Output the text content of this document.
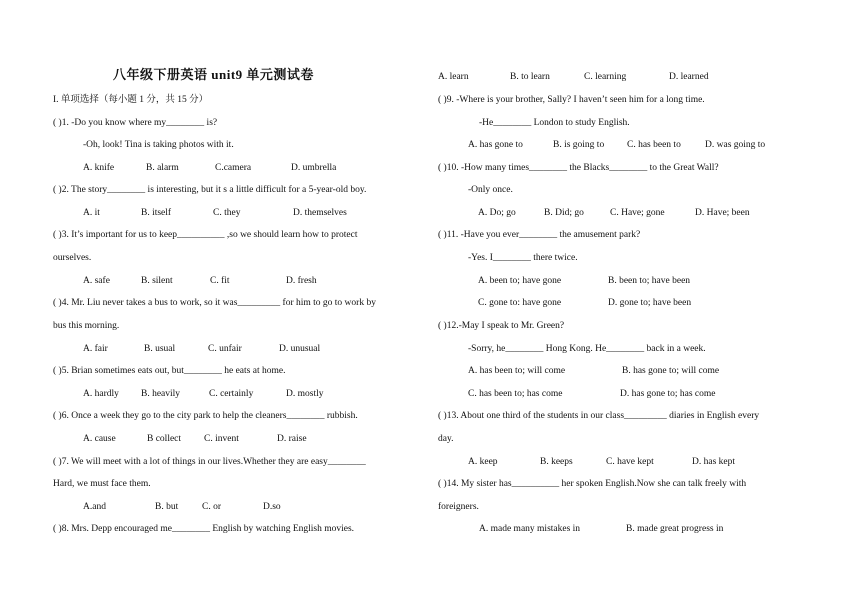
八年级下册英语 unit9 单元测试卷
I. 单项选择（每小题 1 分，共 15 分）
( )1. -Do you know where my________ is?
-Oh, look! Tina is taking photos with it.
A. knife	B. alarm	C.camera	D. umbrella
( )2. The story________ is interesting, but it s a little difficult for a 5-year-old boy.
A. it	B. itself	C. they	D. themselves
( )3. It’s important for us to keep__________ ,so we should learn how to protect
ourselves.
A. safe	B. silent	C. fit	D. fresh
( )4. Mr. Liu never takes a bus to work, so it was_________ for him to go to work by
bus this morning.
A. fair	B. usual	C. unfair	D. unusual
( )5. Brian sometimes eats out, but________ he eats at home.
A. hardly B. heavily	C. certainly	D. mostly
( )6. Once a week they go to the city park to help the cleaners________ rubbish.
A. cause	B collect C. invent	D. raise
( )7. We will meet with a lot of things in our lives.Whether they are easy________
Hard, we must face them.
A.and	B. but	C. or	D.so
( )8. Mrs. Depp encouraged me________ English by watching English movies.
A. learn	B. to learn	C. learning	D. learned
( )9. -Where is your brother, Sally? I haven’t seen him for a long time.
-He________ London to study English.
A. has gone to	B. is going to C. has been to	D. was going to
( )10. -How many times________ the Blacks________ to the Great Wall?
-Only once.
A. Do; go	B. Did; go	C. Have; gone	D. Have; been
( )11. -Have you ever________ the amusement park?
-Yes. I________ there twice.
A. been to; have gone	B. been to; have been
C. gone to: have gone	D. gone to; have been
( )12.-May I speak to Mr. Green?
-Sorry, he________ Hong Kong. He________ back in a week.
A. has been to; will come	B. has gone to; will come
C. has been to; has come	D. has gone to; has come
( )13. About one third of the students in our class_________ diaries in English every
day.
A. keep	B. keeps	C. have kept	D. has kept
( )14. My sister has__________ her spoken English.Now she can talk freely with
foreigners.
A. made many mistakes in	B. made great progress in
